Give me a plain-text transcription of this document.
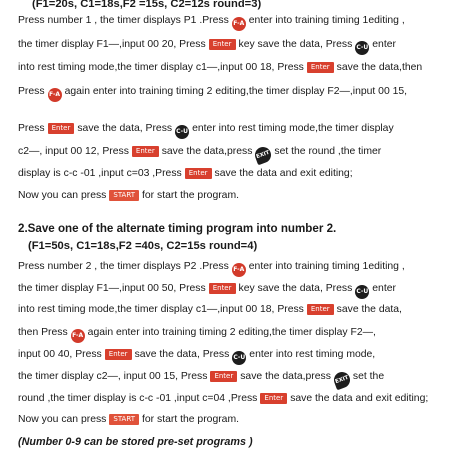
(F1=20s, C1=18s,F2 =15s, C2=12s round=3)
Press number 1 , the timer displays P1 .Press F-A enter into training timing 1editing ,
the timer display F1—,input 00 20, Press Enter key save the data, Press C-U enter
into rest timing mode,the timer display c1—,input 00 18, Press Enter save the data,then
Press F-A again enter into training timing 2 editing,the timer display F2—,input 00 15,
Press Enter save the data, Press C-U enter into rest timing mode,the timer display
c2—, input 00 12, Press Enter save the data,press EXIT set the round ,the timer
display is c-c -01 ,input c=03 ,Press Enter save the data and exit editing;
Now you can press START for start the program.
2.Save one of the alternate timing program into number 2.
(F1=50s, C1=18s,F2 =40s, C2=15s round=4)
Press number 2 , the timer displays P2 .Press F-A enter into training timing 1editing ,
the timer display F1—,input 00 50, Press Enter key save the data, Press C-U enter
into rest timing mode,the timer display c1—,input 00 18, Press Enter save the data,
then Press F-A again enter into training timing 2 editing,the timer display F2—,
input 00 40, Press Enter save the data, Press C-U enter into rest timing mode,
the timer display c2—, input 00 15, Press Enter save the data,press EXIT set the
round ,the timer display is c-c -01 ,input c=04 ,Press Enter save the data and exit editing;
Now you can press START for start the program.
(Number 0-9 can be stored pre-set programs )
